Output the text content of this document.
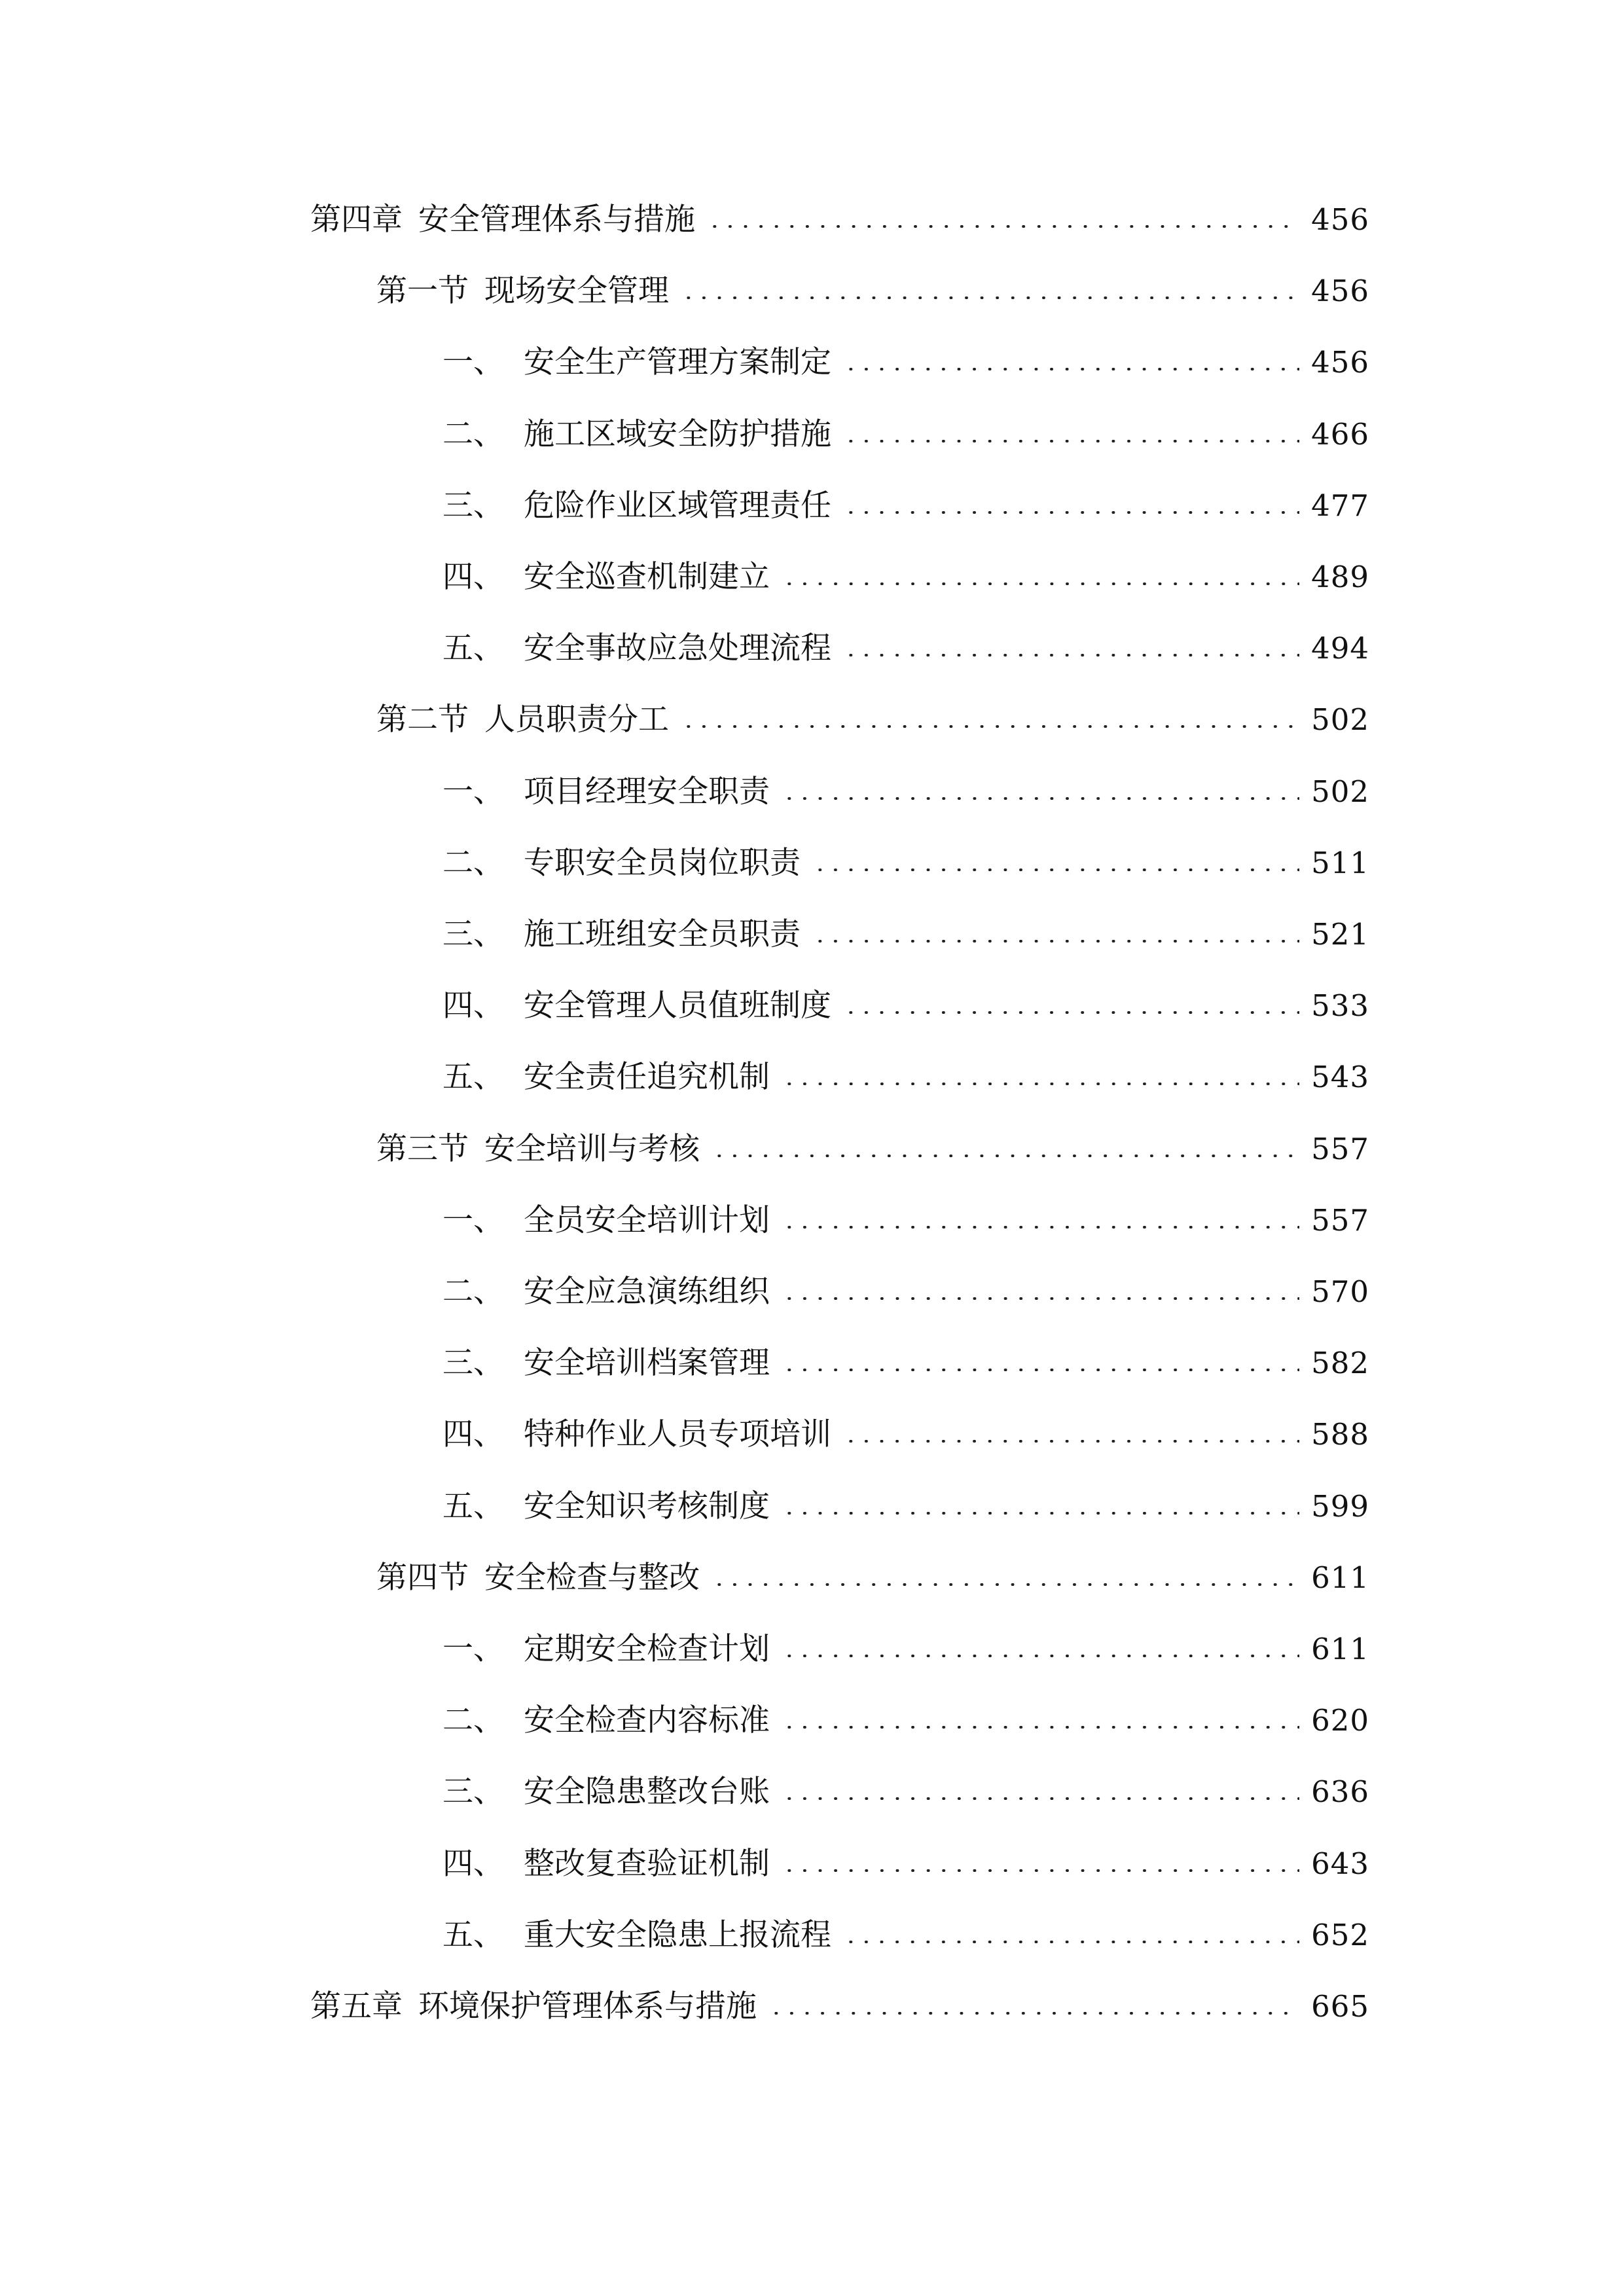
第四章 安全管理体系与措施	456
第一节 现场安全管理	456
一、 安全生产管理方案制定	456
二、 施工区域安全防护措施	466
三、 危险作业区域管理责任	477
四、 安全巡查机制建立	489
五、 安全事故应急处理流程	494
第二节 人员职责分工	502
一、 项目经理安全职责	502
二、 专职安全员岗位职责	511
三、 施工班组安全员职责	521
四、 安全管理人员值班制度	533
五、 安全责任追究机制	543
第三节 安全培训与考核	557
一、 全员安全培训计划	557
二、 安全应急演练组织	570
三、 安全培训档案管理	582
四、 特种作业人员专项培训	588
五、 安全知识考核制度	599
第四节 安全检查与整改	611
一、 定期安全检查计划	611
二、 安全检查内容标准	620
三、 安全隐患整改台账	636
四、 整改复查验证机制	643
五、 重大安全隐患上报流程	652
第五章 环境保护管理体系与措施	665
